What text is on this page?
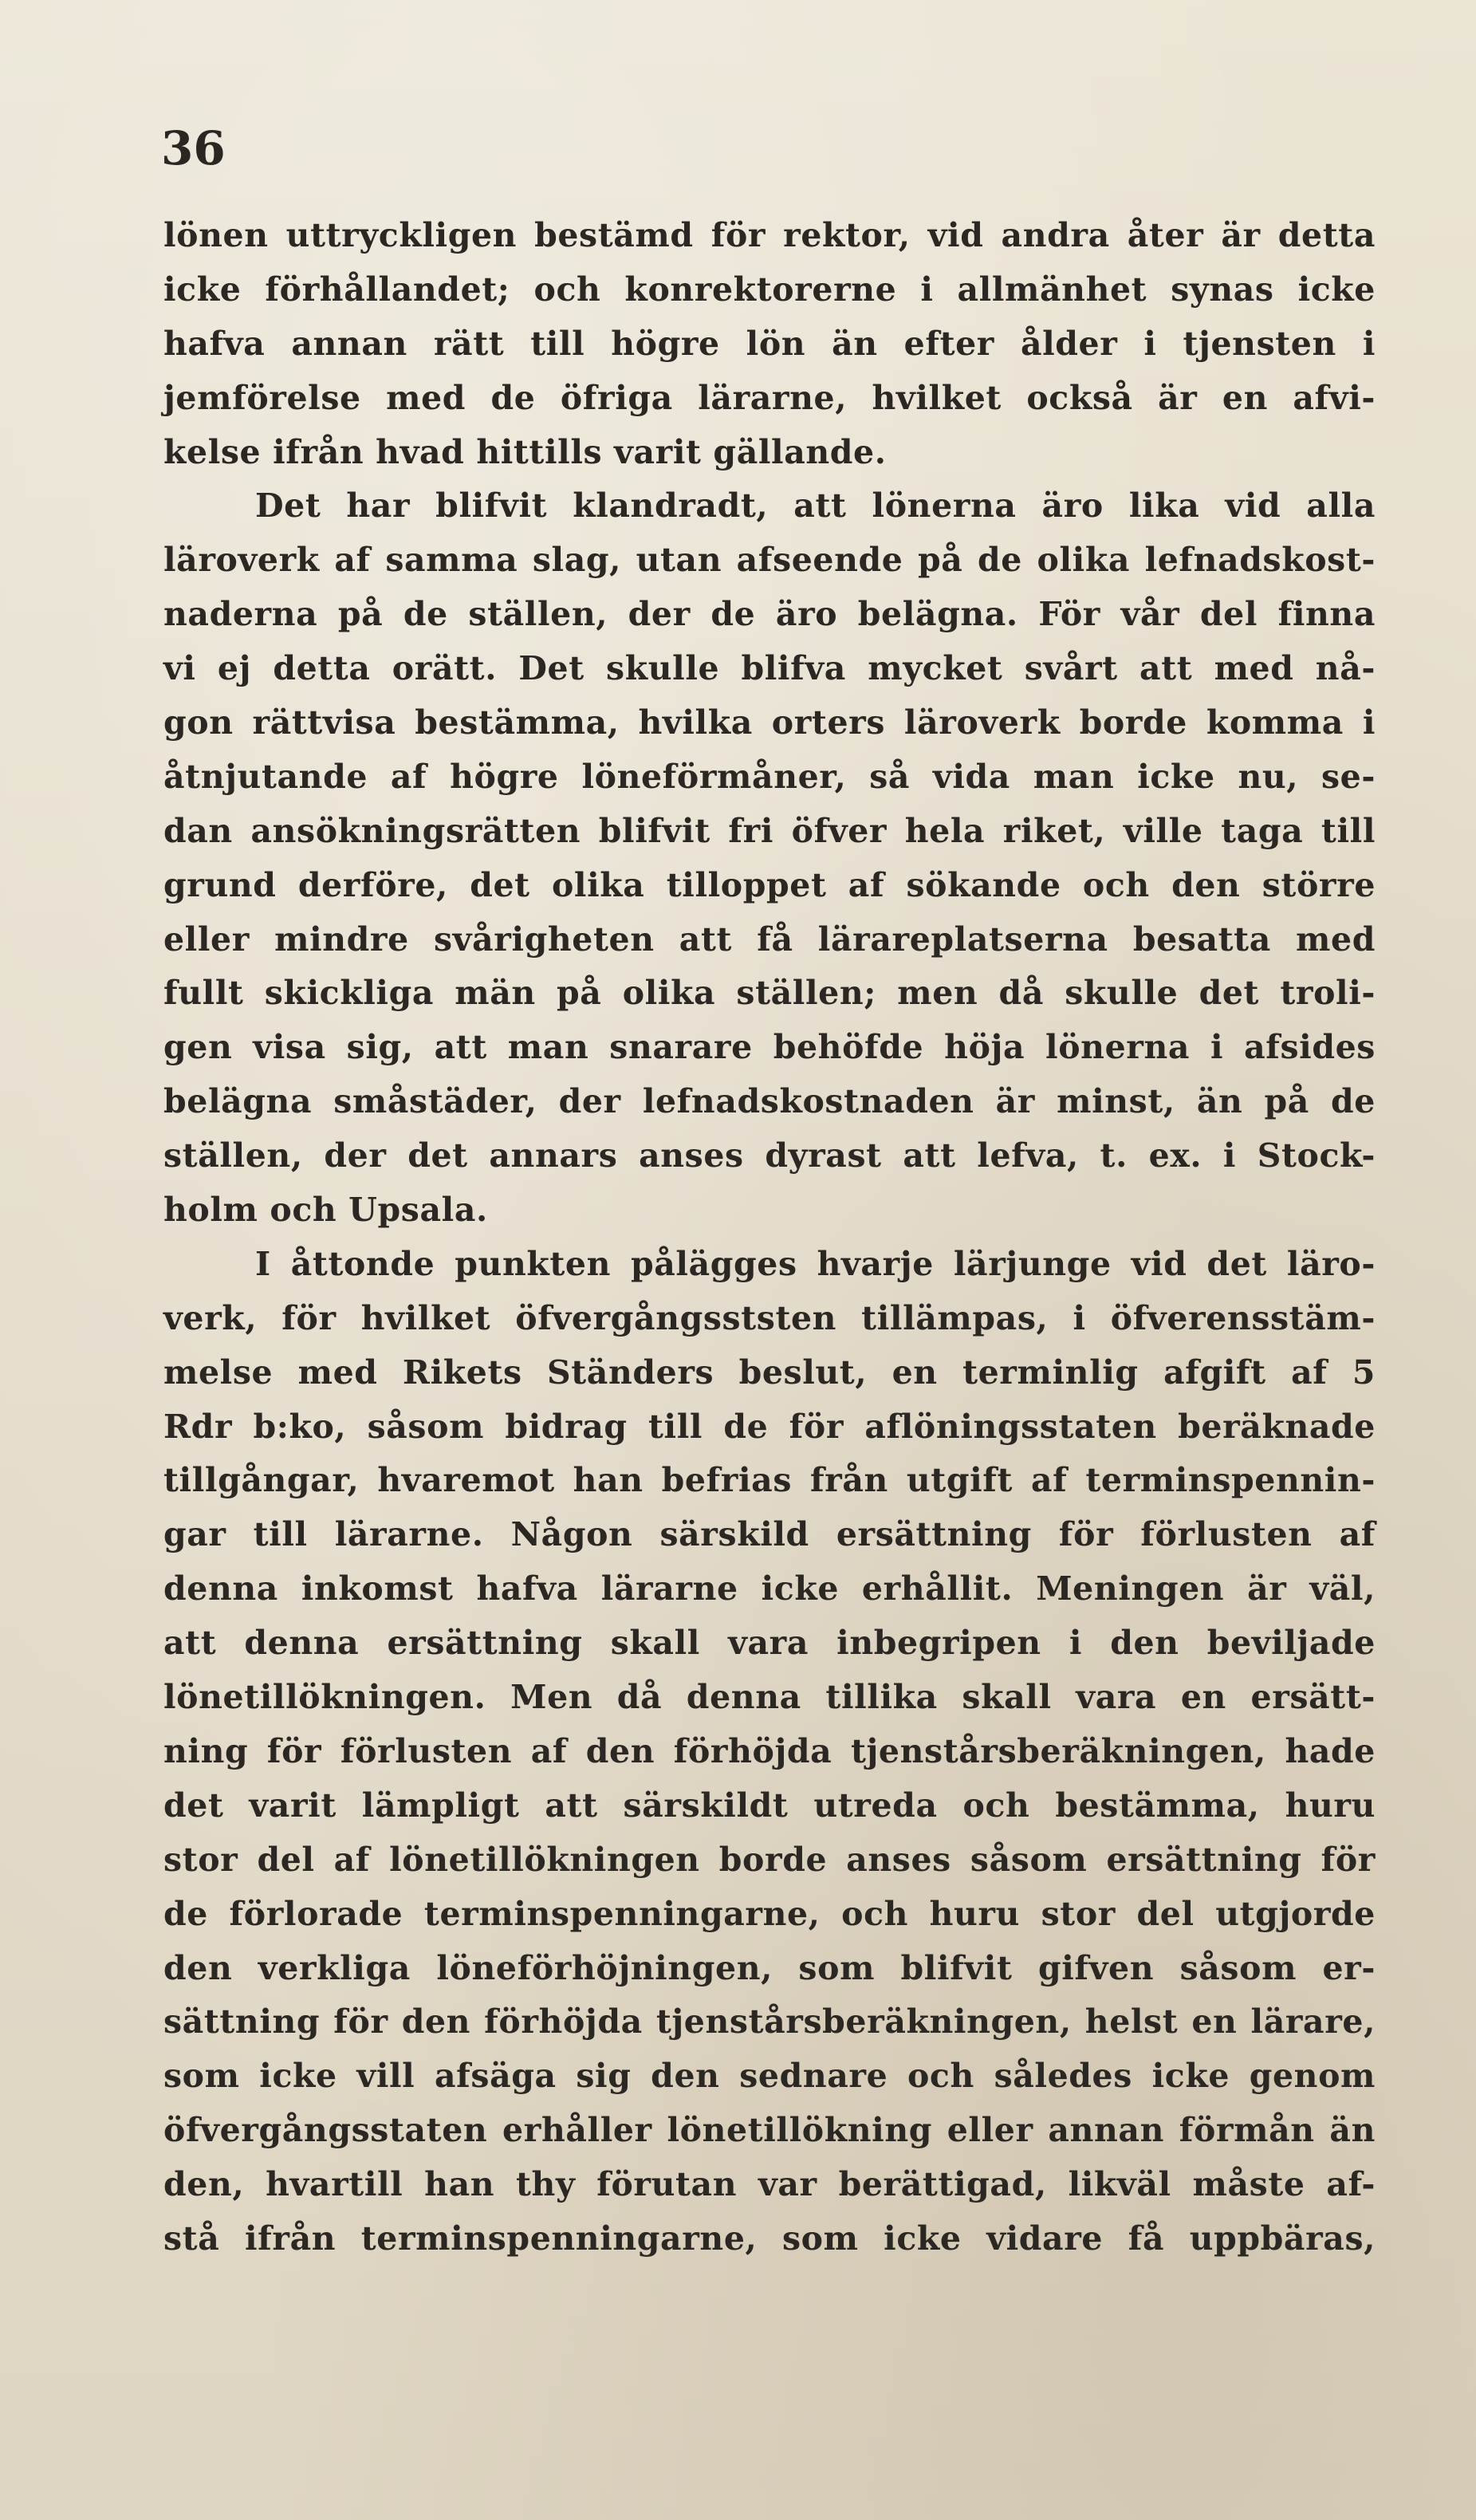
36

lönen uttryckligen bestämd för rektor, vid andra åter är detta
icke förhållandet; och konrektorerne i allmänhet synas icke
hafva annan rätt till högre lön än efter ålder i tjensten i
jemförelse med de öfriga lärarne, hvilket också är en afvi-
kelse ifrån hvad hittills varit gällande.
Det har blifvit klandradt, att lönerna äro lika vid alla
läroverk af samma slag, utan afseende på de olika lefnadskost-
naderna på de ställen, der de äro belägna. För vår del finna
vi ej detta orätt. Det skulle blifva mycket svårt att med nå-
gon rättvisa bestämma, hvilka orters läroverk borde komma i
åtnjutande af högre löneförmåner, så vida man icke nu, se-
dan ansökningsrätten blifvit fri öfver hela riket, ville taga till
grund derföre, det olika tilloppet af sökande och den större
eller mindre svårigheten att få lärareplatserna besatta med
fullt skickliga män på olika ställen; men då skulle det troli-
gen visa sig, att man snarare behöfde höja lönerna i afsides
belägna småstäder, der lefnadskostnaden är minst, än på de
ställen, der det annars anses dyrast att lefva, t. ex. i Stock-
holm och Upsala.
I åttonde punkten pålägges hvarje lärjunge vid det läro-
verk, för hvilket öfvergångsststen tillämpas, i öfverensstäm-
melse med Rikets Ständers beslut, en terminlig afgift af 5
Rdr b:ko, såsom bidrag till de för aflöningsstaten beräknade
tillgångar, hvaremot han befrias från utgift af terminspennin-
gar till lärarne. Någon särskild ersättning för förlusten af
denna inkomst hafva lärarne icke erhållit. Meningen är väl,
att denna ersättning skall vara inbegripen i den beviljade
lönetillökningen. Men då denna tillika skall vara en ersätt-
ning för förlusten af den förhöjda tjenstårsberäkningen, hade
det varit lämpligt att särskildt utreda och bestämma, huru
stor del af lönetillökningen borde anses såsom ersättning för
de förlorade terminspenningarne, och huru stor del utgjorde
den verkliga löneförhöjningen, som blifvit gifven såsom er-
sättning för den förhöjda tjenstårsberäkningen, helst en lärare,
som icke vill afsäga sig den sednare och således icke genom
öfvergångsstaten erhåller lönetillökning eller annan förmån än
den, hvartill han thy förutan var berättigad, likväl måste af-
stå ifrån terminspenningarne, som icke vidare få uppbäras,
